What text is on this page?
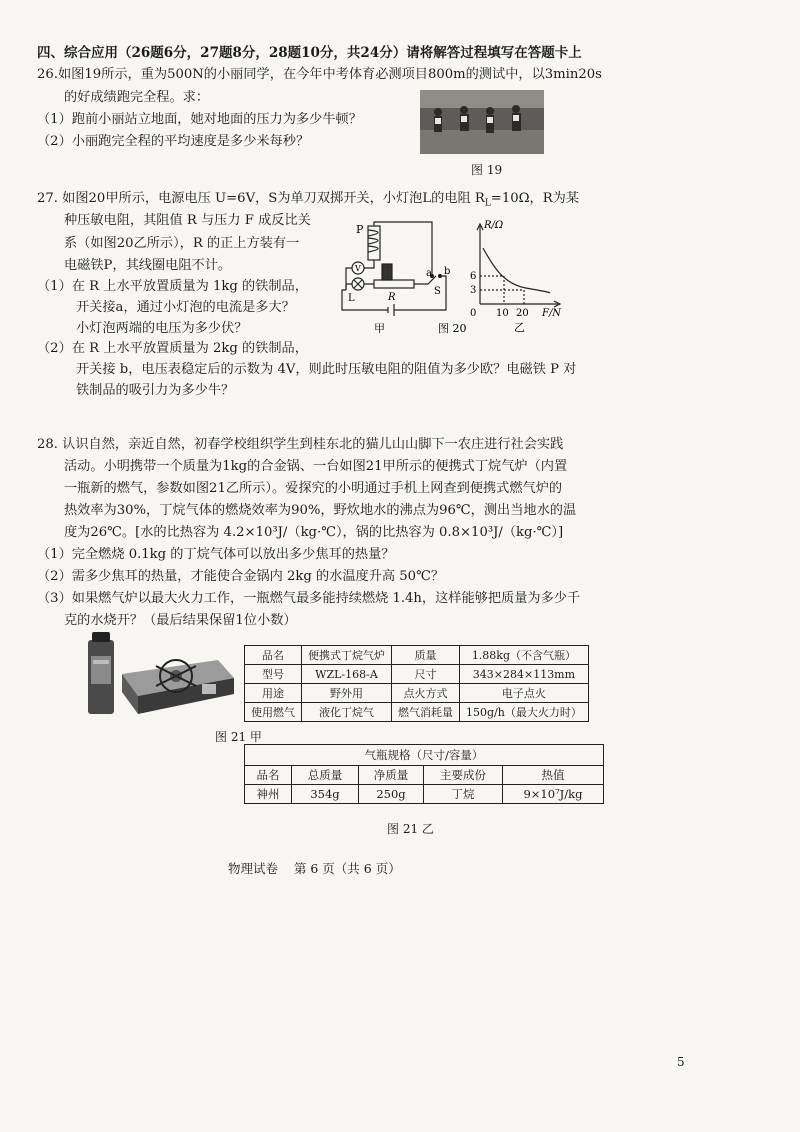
四、综合应用（26题6分，27题8分，28题10分，共24分）请将解答过程填写在答题卡上
26.如图19所示，重为500N的小丽同学，在今年中考体育必测项目800m的测试中，以3min20s
的好成绩跑完全程。求：
（1）跑前小丽站立地面，她对地面的压力为多少牛顿？
（2）小丽跑完全程的平均速度是多少米每秒？
图 19
27. 如图20甲所示，电源电压 U=6V，S为单刀双掷开关，小灯泡L的电阻 $R_L=10\Omega$，R为某
种压敏电阻，其阻值 R 与压力 F 成反比关
系（如图20乙所示），R 的正上方装有一
电磁铁P，其线圈电阻不计。
（1）在 R 上水平放置质量为 1kg 的铁制品，
开关接a，通过小灯泡的电流是多大？
小灯泡两端的电压为多少伏？
（2）在 R 上水平放置质量为 2kg 的铁制品，
开关接 b，电压表稳定后的示数为 4V，则此时压敏电阻的阻值为多少欧？电磁铁 P 对
铁制品的吸引力为多少牛？
P
V
L	R
a b
S
甲	图 20
R/Ω
6
3
0 10 20 F/N
乙
28. 认识自然，亲近自然，初春学校组织学生到桂东北的猫儿山山脚下一农庄进行社会实践
活动。小明携带一个质量为1kg的合金锅、一台如图21甲所示的便携式丁烷气炉（内置
一瓶新的燃气，参数如图21乙所示）。爱探究的小明通过手机上网查到便携式燃气炉的
热效率为30%，丁烷气体的燃烧效率为90%，野炊地水的沸点为96℃，测出当地水的温
度为26℃。[水的比热容为 4.2×10³J/（kg·℃），锅的比热容为 0.8×10³J/（kg·℃）]
（1）完全燃烧 0.1kg 的丁烷气体可以放出多少焦耳的热量？
（2）需多少焦耳的热量，才能使合金锅内 2kg 的水温度升高 50℃？
（3）如果燃气炉以最大火力工作，一瓶燃气最多能持续燃烧 1.4h，这样能够把质量为多少千
克的水烧开？（最后结果保留1位小数）
品名	便携式丁烷气炉	质量	1.88kg（不含气瓶）
型号	WZL-168-A	尺寸	343×284×113mm
用途	野外用	点火方式	电子点火
使用燃气	液化丁烷气	燃气消耗量	150g/h（最大火力时）
图 21 甲
气瓶规格（尺寸/容量）				
品名	总质量	净质量	主要成份	热值
神州	354g	250g	丁烷	9×10⁷J/kg
图 21 乙
物理试卷    第 6 页（共 6 页）
5
